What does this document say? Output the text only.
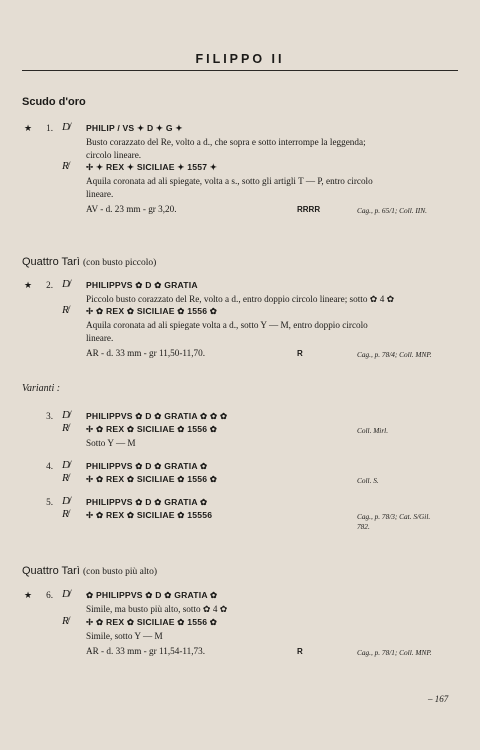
FILIPPO II
Scudo d'oro
★	1. D̸ PHILIP / VS ✦ D ✦ G ✦
Busto corazzato del Re, volto a d., che sopra e sotto interrompe la leggenda;
circolo lineare.
R̸ ✢ ✦ REX ✦ SICILIAE ✦ 1557 ✦
Aquila coronata ad ali spiegate, volta a s., sotto gli artigli T — P, entro circolo
lineare.
AV - d. 23 mm - gr 3,20.	RRRR	Cag., p. 65/1; Coll. IIN.
Quattro Tarì (con busto piccolo)
★	2. D̸ PHILIPPVS ✿ D ✿ GRATIA
Piccolo busto corazzato del Re, volto a d., entro doppio circolo lineare; sotto ✿ 4 ✿
R̸ ✢ ✿ REX ✿ SICILIAE ✿ 1556 ✿
Aquila coronata ad ali spiegate volta a d., sotto Y — M, entro doppio circolo
lineare.
AR - d. 33 mm - gr 11,50-11,70.	R	Cag., p. 78/4; Coll. MNP.
Varianti :
3. D̸ PHILIPPVS ✿ D ✿ GRATIA ✿ ✿ ✿
R̸ ✢ ✿ REX ✿ SICILIAE ✿ 1556 ✿
Sotto Y — M
Coll. Mirl.
4. D̸ PHILIPPVS ✿ D ✿ GRATIA ✿
R̸ ✢ ✿ REX ✿ SICILIAE ✿ 1556 ✿	Coll. S.
5. D̸ PHILIPPVS ✿ D ✿ GRATIA ✿
R̸ ✢ ✿ REX ✿ SICILIAE ✿ 15556	Cag., p. 78/3; Cat. S/Gil.
782.
Quattro Tarì (con busto più alto)
★	6. D̸ ✿ PHILIPPVS ✿ D ✿ GRATIA ✿
Simile, ma busto più alto, sotto ✿ 4 ✿
R̸ ✢ ✿ REX ✿ SICILIAE ✿ 1556 ✿
Simile, sotto Y — M
AR - d. 33 mm - gr 11,54-11,73.	R	Cag., p. 78/1; Coll. MNP.
– 167
